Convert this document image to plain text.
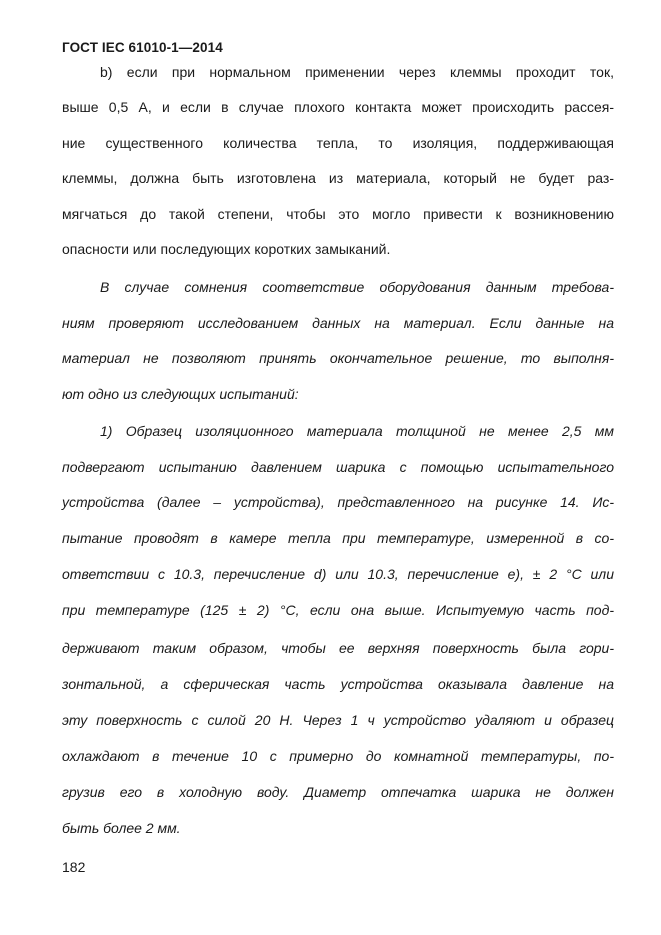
ГОСТ IEC 61010-1—2014
b) если при нормальном применении через клеммы проходит ток,
выше 0,5 А, и если в случае плохого контакта может происходить рассея-
ние существенного количества тепла, то изоляция, поддерживающая
клеммы, должна быть изготовлена из материала, который не будет раз-
мягчаться до такой степени, чтобы это могло привести к возникновению
опасности или последующих коротких замыканий.
В случае сомнения соответствие оборудования данным требова-
ниям проверяют исследованием данных на материал. Если данные на
материал не позволяют принять окончательное решение, то выполня-
ют одно из следующих испытаний:
1) Образец изоляционного материала толщиной не менее 2,5 мм
подвергают испытанию давлением шарика с помощью испытательного
устройства (далее – устройства), представленного на рисунке 14. Ис-
пытание проводят в камере тепла при температуре, измеренной в со-
ответствии с 10.3, перечисление d) или 10.3, перечисление е), ± 2 °С или
при температуре (125 ± 2) °С, если она выше. Испытуемую часть под-
держивают таким образом, чтобы ее верхняя поверхность была гори-
зонтальной, а сферическая часть устройства оказывала давление на
эту поверхность с силой 20 Н. Через 1 ч устройство удаляют и образец
охлаждают в течение 10 с примерно до комнатной температуры, по-
грузив его в холодную воду. Диаметр отпечатка шарика не должен
быть более 2 мм.
182
